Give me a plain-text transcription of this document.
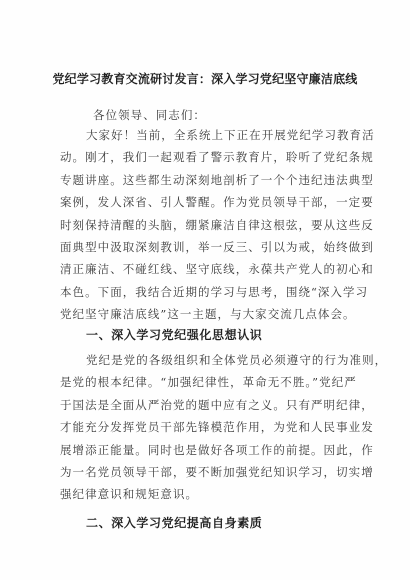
党纪学习教育交流研讨发言：深入学习党纪坚守廉洁底线
各位领导、同志们：
大家好！当前，全系统上下正在开展党纪学习教育活
动。刚才，我们一起观看了警示教育片，聆听了党纪条规
专题讲座。这些都生动深刻地剖析了一个个违纪违法典型
案例，发人深省、引人警醒。作为党员领导干部，一定要
时刻保持清醒的头脑，绷紧廉洁自律这根弦，要从这些反
面典型中汲取深刻教训，举一反三、引以为戒，始终做到
清正廉洁、不碰红线、坚守底线，永葆共产党人的初心和
本色。下面，我结合近期的学习与思考，围绕“深入学习
党纪坚守廉洁底线”这一主题，与大家交流几点体会。
一、深入学习党纪强化思想认识
党纪是党的各级组织和全体党员必须遵守的行为准则，
是党的根本纪律。“加强纪律性，革命无不胜。”党纪严
于国法是全面从严治党的题中应有之义。只有严明纪律，
才能充分发挥党员干部先锋模范作用，为党和人民事业发
展增添正能量。同时也是做好各项工作的前提。因此，作
为一名党员领导干部，要不断加强党纪知识学习，切实增
强纪律意识和规矩意识。
二、深入学习党纪提高自身素质
